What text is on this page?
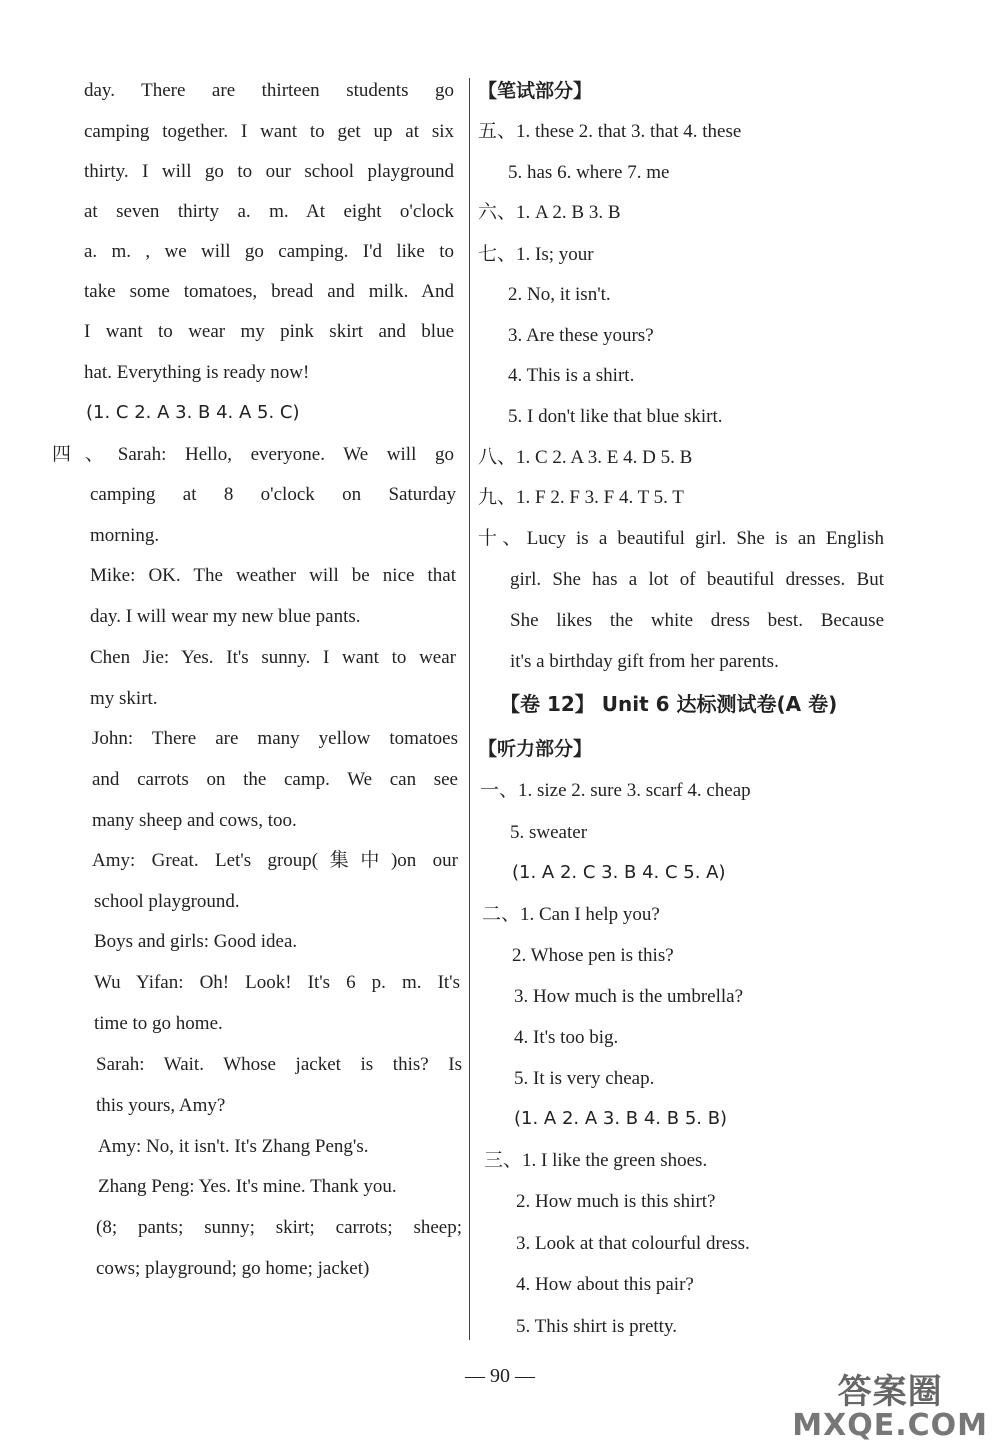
day. There are thirteen students go
camping together. I want to get up at six
thirty. I will go to our school playground
at seven thirty a. m. At eight o'clock
a. m. , we will go camping. I'd like to
take some tomatoes, bread and milk. And
I want to wear my pink skirt and blue
hat. Everything is ready now!
(1. C 2. A 3. B 4. A 5. C)
四、Sarah: Hello, everyone. We will go
camping at 8 o'clock on Saturday
morning.
Mike: OK. The weather will be nice that
day. I will wear my new blue pants.
Chen Jie: Yes. It's sunny. I want to wear
my skirt.
John: There are many yellow tomatoes
and carrots on the camp. We can see
many sheep and cows, too.
Amy: Great. Let's group(集中)on our
school playground.
Boys and girls: Good idea.
Wu Yifan: Oh! Look! It's 6 p. m. It's
time to go home.
Sarah: Wait. Whose jacket is this? Is
this yours, Amy?
Amy: No, it isn't. It's Zhang Peng's.
Zhang Peng: Yes. It's mine. Thank you.
(8; pants; sunny; skirt; carrots; sheep;
cows; playground; go home; jacket)
【笔试部分】
五、1. these 2. that 3. that 4. these
5. has 6. where 7. me
六、1. A 2. B 3. B
七、1. Is; your
2. No, it isn't.
3. Are these yours?
4. This is a shirt.
5. I don't like that blue skirt.
八、1. C 2. A 3. E 4. D 5. B
九、1. F 2. F 3. F 4. T 5. T
十、Lucy is a beautiful girl. She is an English
girl. She has a lot of beautiful dresses. But
She likes the white dress best. Because
it's a birthday gift from her parents.
【卷 12】 Unit 6 达标测试卷(A 卷)
【听力部分】
一、1. size 2. sure 3. scarf 4. cheap
5. sweater
(1. A 2. C 3. B 4. C 5. A)
二、1. Can I help you?
2. Whose pen is this?
3. How much is the umbrella?
4. It's too big.
5. It is very cheap.
(1. A 2. A 3. B 4. B 5. B)
三、1. I like the green shoes.
2. How much is this shirt?
3. Look at that colourful dress.
4. How about this pair?
5. This shirt is pretty.
— 90 —	答案圈
MXQE.COM
